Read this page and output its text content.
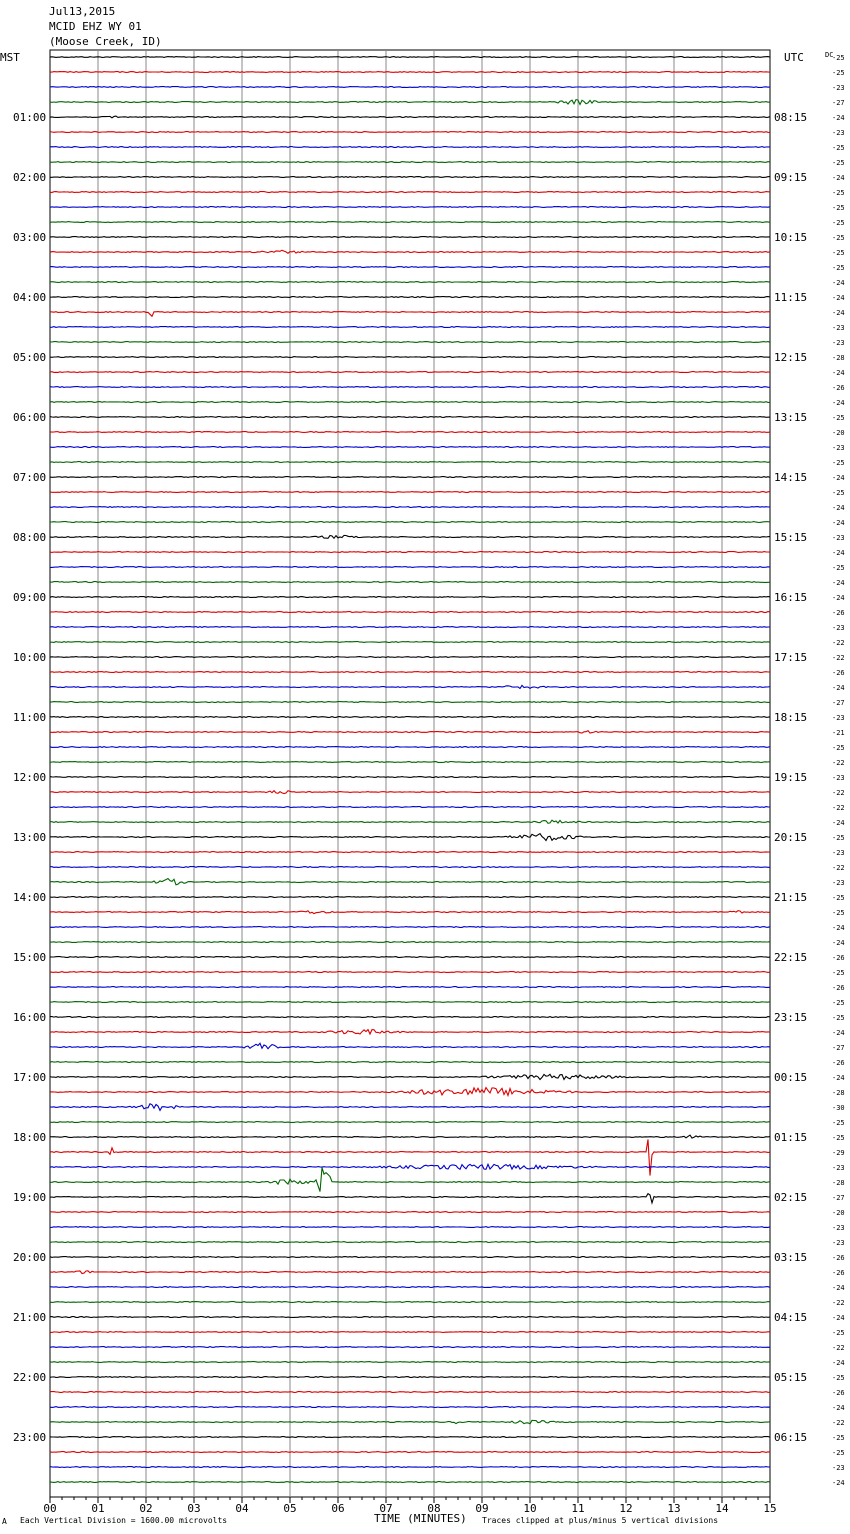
Jul13,2015
MCID EHZ WY 01
(Moose Creek, ID)
MST	UTC	-25
-25
-23
-27
-24
-23
-25
-25
-24
-25
-25
-25
-25
-25
-25
-24
-24
-24
-23
-23
-28
-24
-26
-24
-25
-20
-23
-25
-24
-25
-24
-24
-23
-24
-25
-24
-24
-26
-23
-22
-22
-26
-24
-27
-23
-21
-25
-22
-23
-22
-22
-24
-25
-23
-22
-23
-25
-25
-24
-24
-26
-25
-26
-25
-25
-24
-27
-26
-24
-28
-30
-25
-25
-29
-23
-28
-27
-20
-23
-23
-26
-26
-24
-22
-24
-25
-22
-24
-25
-26
-24
-22
-25
-25
-23
-24
DC
01:00	08:15
02:00	09:15
03:00	10:15
04:00	11:15
05:00	12:15
06:00	13:15
07:00	14:15
08:00	15:15
09:00	16:15
10:00	17:15
11:00	18:15
12:00	19:15
13:00	20:15
14:00	21:15
15:00	22:15
16:00	23:15
17:00	00:15
18:00	01:15
19:00	02:15
20:00	03:15
21:00	04:15
22:00	05:15
23:00	06:15
00	01	02	03	04	05	06	07	08	09	10	11	12	13	14	15
A Each Vertical Division = 1600.00 microvolts	TIME (MINUTES) Traces clipped at plus/minus 5 vertical divisions
